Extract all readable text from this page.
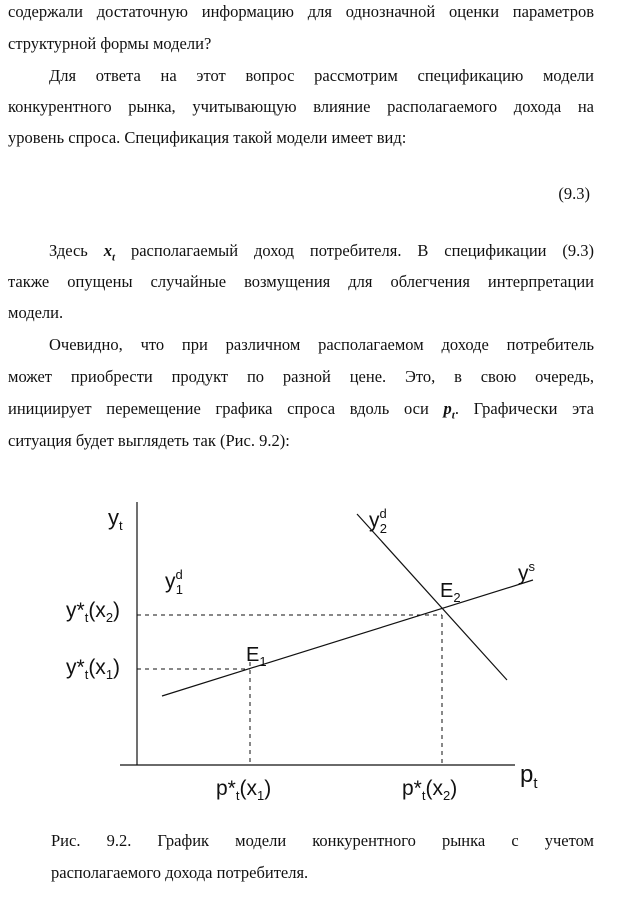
содержали достаточную информацию для однозначной оценки параметров
структурной формы модели?
Для ответа на этот вопрос рассмотрим спецификацию модели
конкурентного рынка, учитывающую влияние располагаемого дохода на
уровень спроса. Спецификация такой модели имеет вид:
(9.3)
Здесь $x_t$ располагаемый доход потребителя. В спецификации (9.3)
также опущены случайные возмущения для облегчения интерпретации
модели.
Очевидно, что при различном располагаемом доходе потребитель
может приобрести продукт по разной цене. Это, в свою очередь,
инициирует перемещение графика спроса вдоль оси $p_t$. Графически эта
ситуация будет выглядеть так (Рис. 9.2):
$y_t$
$p_t$
$y^d$ 1
$y^d$ 2
$y^s$
$E_1$
$E_2$
$y*_t(x_2)$
$y*_t(x_1)$
$p*_t(x_1)$	$p*_t(x_2)$
Рис. 9.2. График модели конкурентного рынка с учетом
располагаемого дохода потребителя.
